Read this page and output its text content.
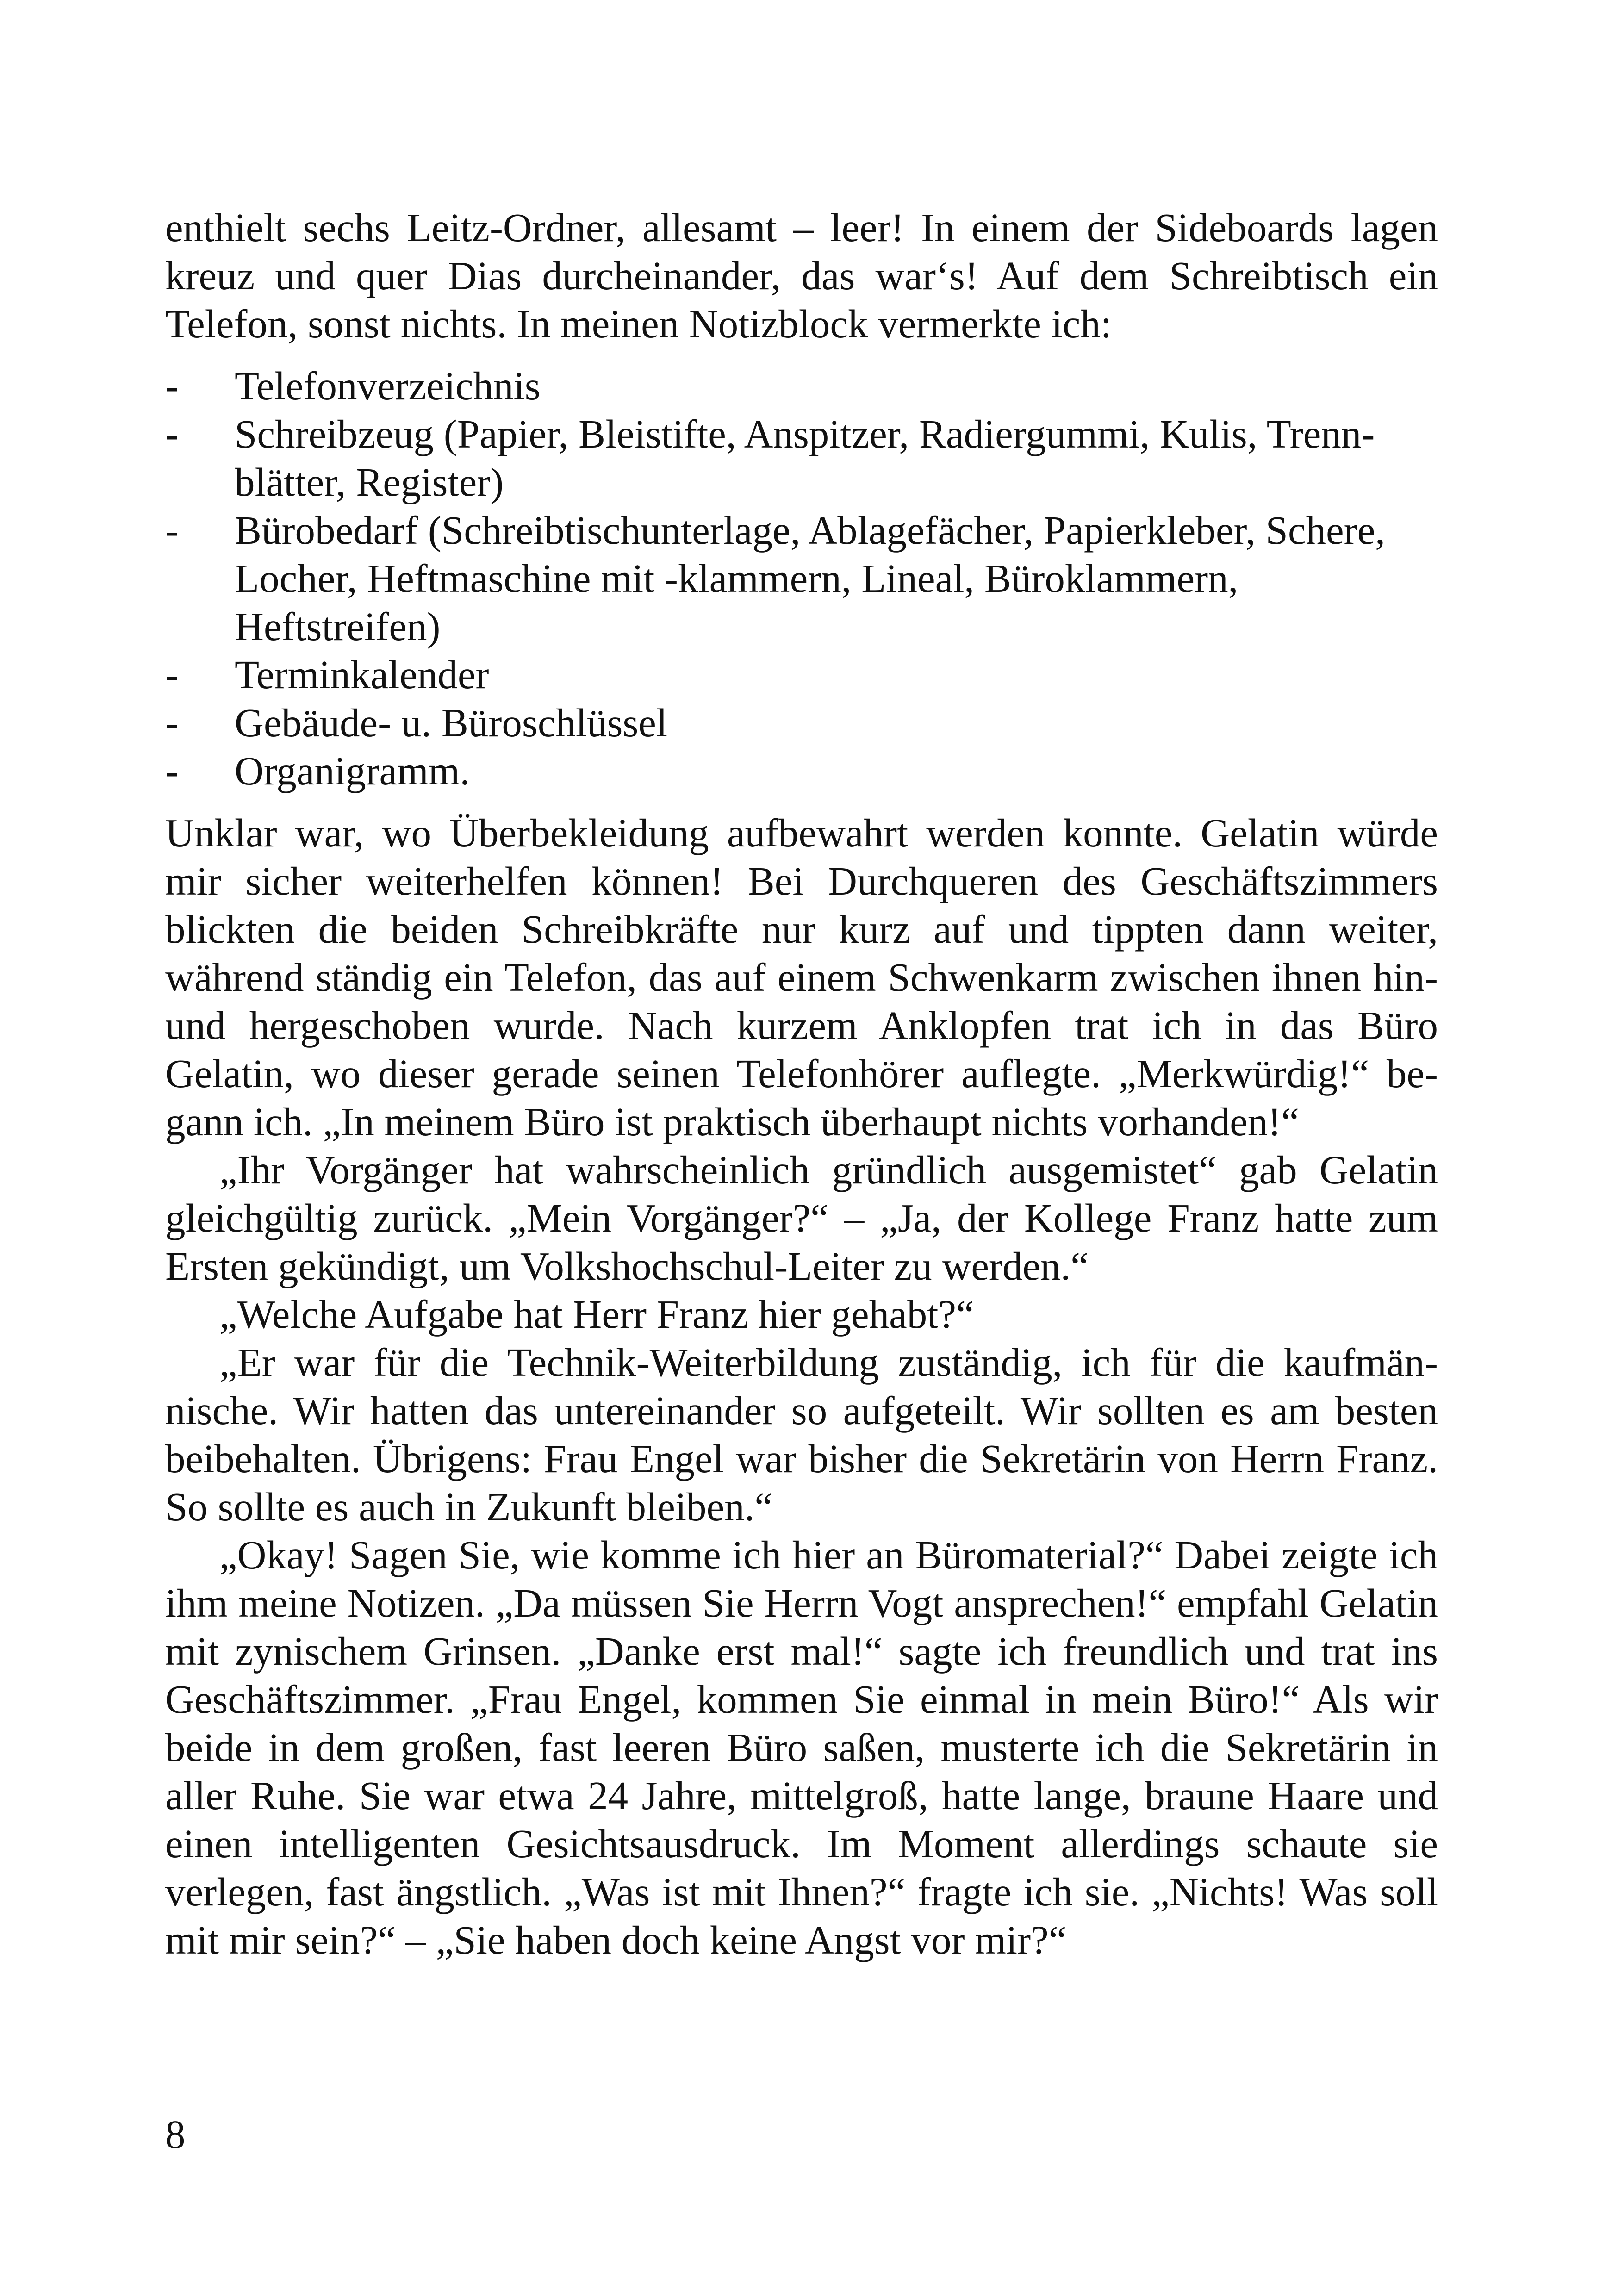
enthielt sechs Leitz-Ordner, allesamt – leer! In einem der Sideboards lagen kreuz und quer Dias durcheinander, das war‘s! Auf dem Schreibtisch ein Telefon, sonst nichts. In meinen Notizblock vermerkte ich:

- Telefonverzeichnis
- Schreibzeug (Papier, Bleistifte, Anspitzer, Radiergummi, Kulis, Trennblätter, Register)
- Bürobedarf (Schreibtischunterlage, Ablagefächer, Papierkleber, Schere, Locher, Heftmaschine mit -klammern, Lineal, Büroklammern, Heftstreifen)
- Terminkalender
- Gebäude- u. Büroschlüssel
- Organigramm.

Unklar war, wo Überbekleidung aufbewahrt werden konnte. Gelatin würde mir sicher weiterhelfen können! Bei Durchqueren des Geschäftszimmers blickten die beiden Schreibkräfte nur kurz auf und tippten dann weiter, während ständig ein Telefon, das auf einem Schwenkarm zwischen ihnen hin- und hergeschoben wurde. Nach kurzem Anklopfen trat ich in das Büro Gelatin, wo dieser gerade seinen Telefonhörer auflegte. „Merkwürdig!“ begann ich. „In meinem Büro ist praktisch überhaupt nichts vorhanden!“

„Ihr Vorgänger hat wahrscheinlich gründlich ausgemistet“ gab Gelatin gleichgültig zurück. „Mein Vorgänger?“ – „Ja, der Kollege Franz hatte zum Ersten gekündigt, um Volkshochschul-Leiter zu werden.“

„Welche Aufgabe hat Herr Franz hier gehabt?“

„Er war für die Technik-Weiterbildung zuständig, ich für die kaufmännische. Wir hatten das untereinander so aufgeteilt. Wir sollten es am besten beibehalten. Übrigens: Frau Engel war bisher die Sekretärin von Herrn Franz. So sollte es auch in Zukunft bleiben.“

„Okay! Sagen Sie, wie komme ich hier an Büromaterial?“ Dabei zeigte ich ihm meine Notizen. „Da müssen Sie Herrn Vogt ansprechen!“ empfahl Gelatin mit zynischem Grinsen. „Danke erst mal!“ sagte ich freundlich und trat ins Geschäftszimmer. „Frau Engel, kommen Sie einmal in mein Büro!“ Als wir beide in dem großen, fast leeren Büro saßen, musterte ich die Sekretärin in aller Ruhe. Sie war etwa 24 Jahre, mittelgroß, hatte lange, braune Haare und einen intelligenten Gesichtsausdruck. Im Moment allerdings schaute sie verlegen, fast ängstlich. „Was ist mit Ihnen?“ fragte ich sie. „Nichts! Was soll mit mir sein?“ – „Sie haben doch keine Angst vor mir?“

8
